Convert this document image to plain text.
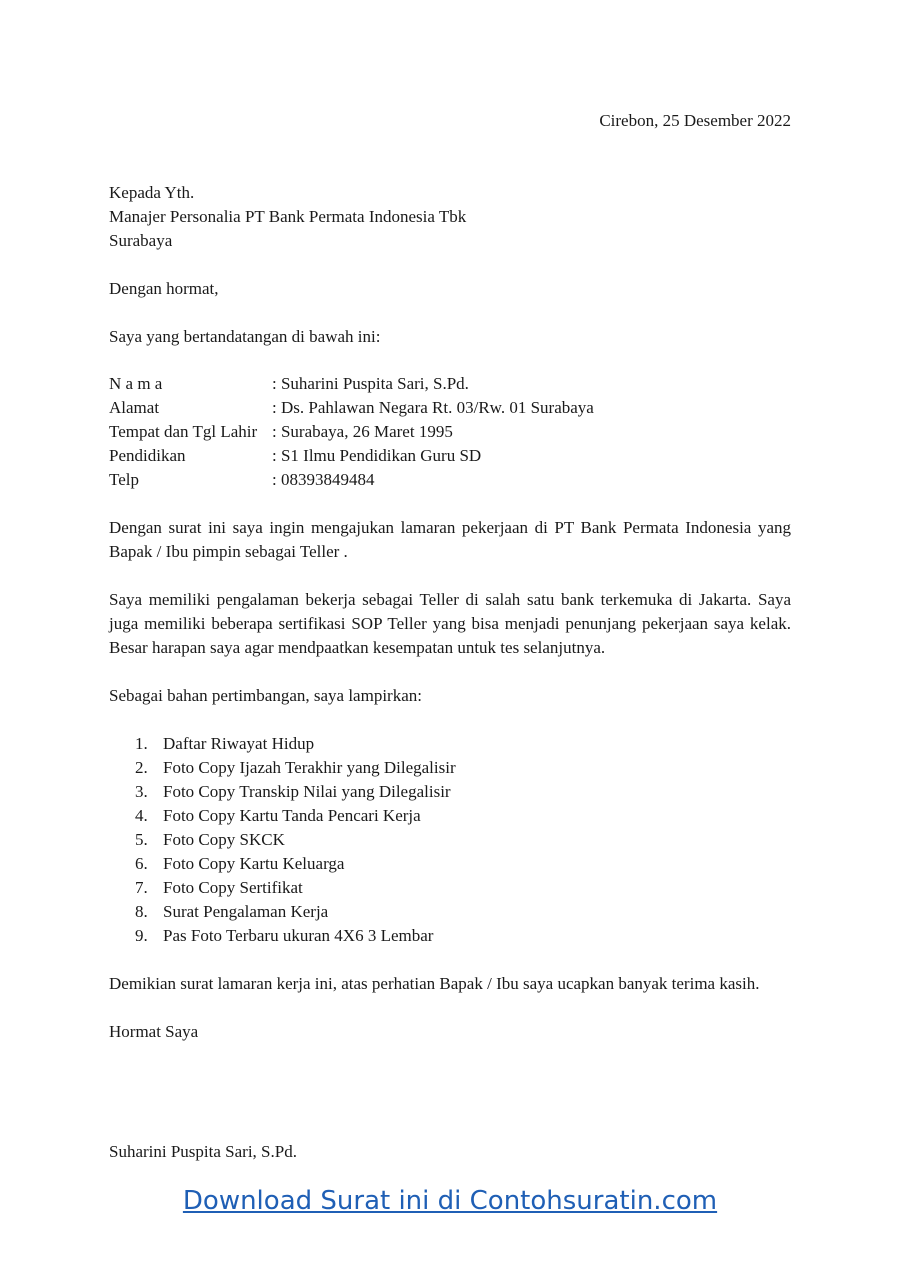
Cirebon, 25 Desember 2022
Kepada Yth.
Manajer Personalia PT Bank Permata Indonesia Tbk
Surabaya
Dengan hormat,
Saya yang bertandatangan di bawah ini:
N a m a	: Suharini Puspita Sari, S.Pd.
Alamat	: Ds. Pahlawan Negara Rt. 03/Rw. 01 Surabaya
Tempat dan Tgl Lahir : Surabaya, 26 Maret 1995
Pendidikan	: S1 Ilmu Pendidikan Guru SD
Telp	: 08393849484
Dengan surat ini saya ingin mengajukan lamaran pekerjaan di PT Bank Permata Indonesia yang Bapak / Ibu pimpin sebagai Teller .
Saya memiliki pengalaman bekerja sebagai Teller di salah satu bank terkemuka di Jakarta. Saya juga memiliki beberapa sertifikasi SOP Teller yang bisa menjadi penunjang pekerjaan saya kelak. Besar harapan saya agar mendpaatkan kesempatan untuk tes selanjutnya.
Sebagai bahan pertimbangan, saya lampirkan:
1. Daftar Riwayat Hidup
2. Foto Copy Ijazah Terakhir yang Dilegalisir
3. Foto Copy Transkip Nilai yang Dilegalisir
4. Foto Copy Kartu Tanda Pencari Kerja
5. Foto Copy SKCK
6. Foto Copy Kartu Keluarga
7. Foto Copy Sertifikat
8. Surat Pengalaman Kerja
9. Pas Foto Terbaru ukuran 4X6 3 Lembar
Demikian surat lamaran kerja ini, atas perhatian Bapak / Ibu saya ucapkan banyak terima kasih.
Hormat Saya
Suharini Puspita Sari, S.Pd.
Download Surat ini di Contohsuratin.com
